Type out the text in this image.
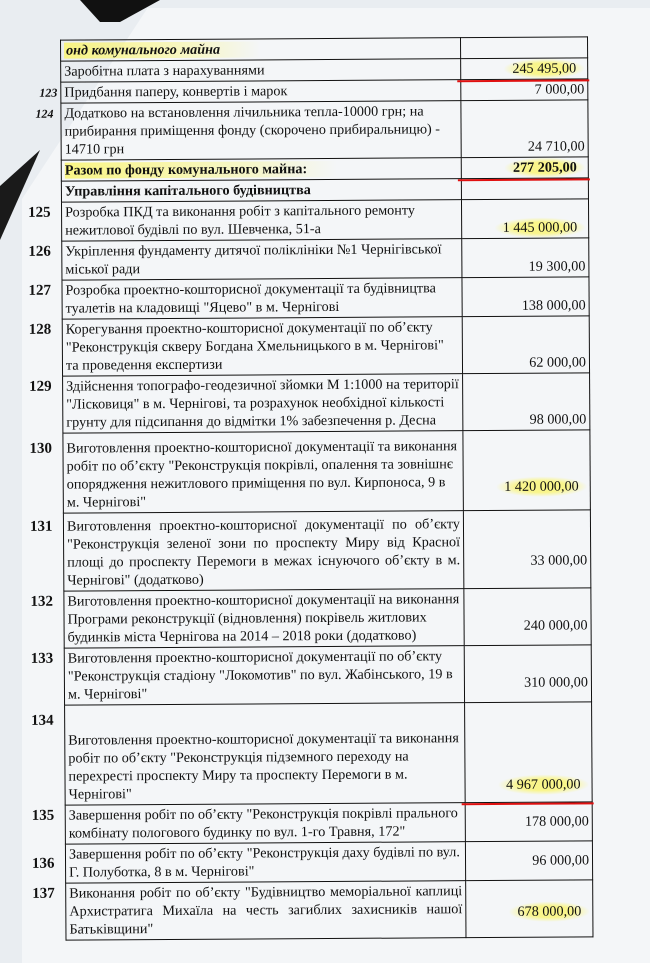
онд комунального майна	

Заробітна плата з нарахуваннями	245 495,00

123 Придбання паперу, конвертів і марок	7 000,00

124 Додатково на встановлення лічильника тепла-10000 грн; на прибирання приміщення фонду (скорочено прибиральницю) - 14710 грн	24 710,00
Разом по фонду комунального майна:	277 205,00

Управління капітального будівництва	

125 Розробка ПКД та виконання робіт з капітального ремонту нежитлової будівлі по вул. Шевченка, 51-а	1 445 000,00

126 Укріплення фундаменту дитячої поліклініки №1 Чернігівської міської ради	19 300,00

127 Розробка проектно-кошторисної документації та будівництва туалетів на кладовищі "Яцево" в м. Чернігові	138 000,00

128 Корегування проектно-кошторисної документації по об’єкту "Реконструкція скверу Богдана Хмельницького в м. Чернігові" та проведення експертизи	62 000,00

129 Здійснення топографо-геодезичної зйомки М 1:1000 на території "Лісковиця" в м. Чернігові, та розрахунок необхідної кількості грунту для підсипання до відмітки 1% забезпечення р. Десна	98 000,00

130 Виготовлення проектно-кошторисної документації та виконання робіт по об’єкту "Реконструкція покрівлі, опалення та зовнішнє опорядження нежитлового приміщення по вул. Кирпоноса, 9 в м. Чернігові"	1 420 000,00

131 Виготовлення проектно-кошторисної документації по об’єкту "Реконструкція зеленої зони по проспекту Миру від Красної площі до проспекту Перемоги в межах існуючого об’єкту в м. Чернігові" (додатково)	33 000,00

132 Виготовлення проектно-кошторисної документації на виконання Програми реконструкції (відновлення) покрівель житлових будинків міста Чернігова на 2014 – 2018 роки (додатково)	240 000,00

133 Виготовлення проектно-кошторисної документації по об’єкту "Реконструкція стадіону "Локомотив" по вул. Жабінського, 19 в м. Чернігові"	310 000,00

134
Виготовлення проектно-кошторисної документації та виконання робіт по об’єкту "Реконструкція підземного переходу на перехресті проспекту Миру та проспекту Перемоги в м. Чернігові"	4 967 000,00

135 Завершення робіт по об’єкту "Реконструкція покрівлі прального комбінату пологового будинку по вул. 1-го Травня, 172"	178 000,00

136
Завершення робіт по об’єкту "Реконструкція даху будівлі по вул. Г. Полуботка, 8 в м. Чернігові"	96 000,00

137 Виконання робіт по об’єкту "Будівництво меморіальної каплиці Архистратига Михаїла на честь загиблих захисників нашої Батьківщини"	678 000,00
